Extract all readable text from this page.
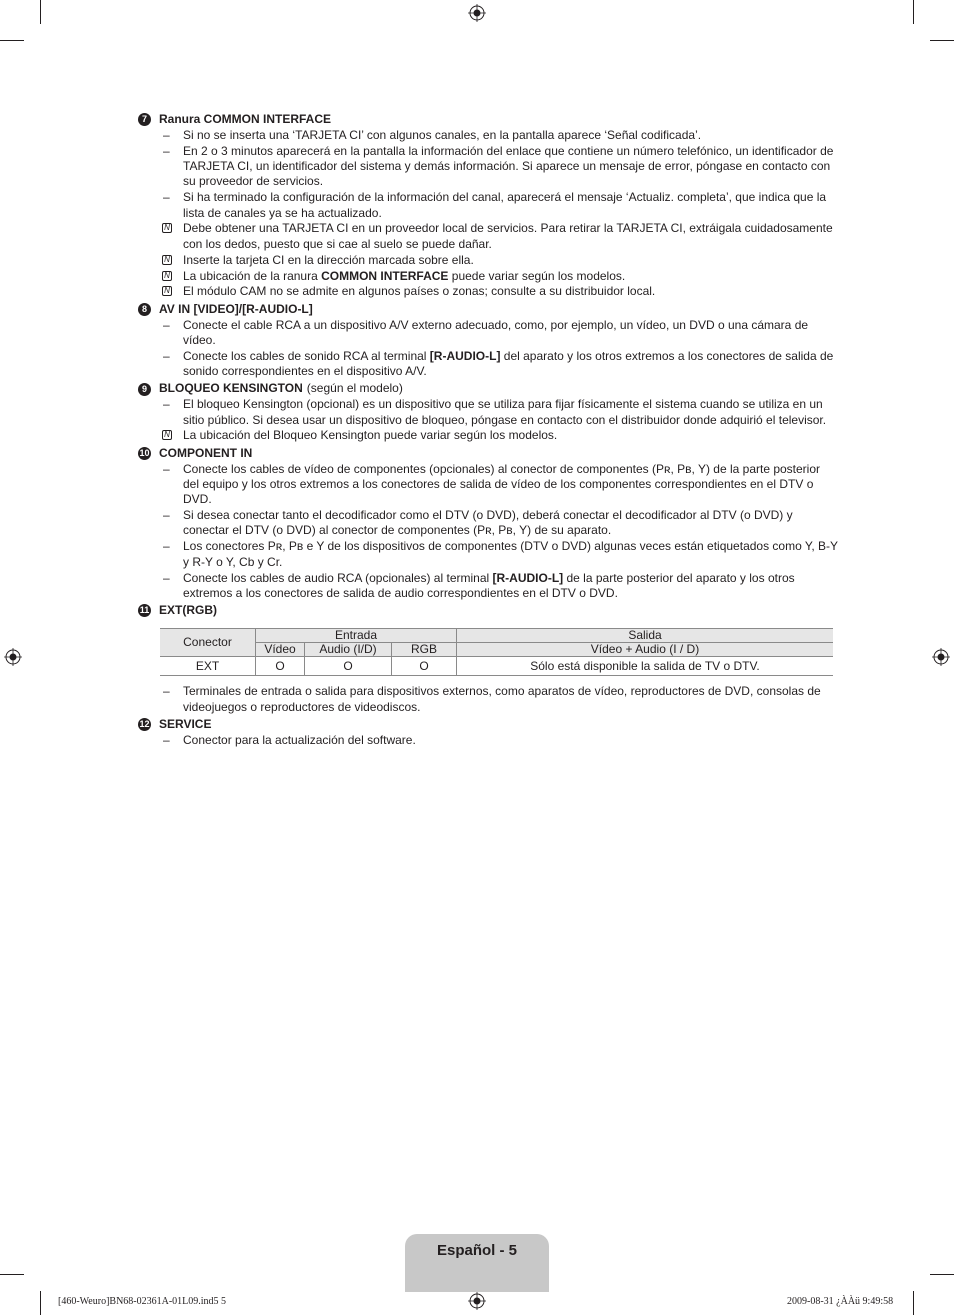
7	Ranura COMMON INTERFACE
– Si no se inserta una ‘TARJETA CI’ con algunos canales, en la pantalla aparece ‘Señal codificada’.
– En 2 o 3 minutos aparecerá en la pantalla la información del enlace que contiene un número telefónico, un identificador de TARJETA CI, un identificador del sistema y demás información. Si aparece un mensaje de error, póngase en contacto con su proveedor de servicios.
– Si ha terminado la configuración de la información del canal, aparecerá el mensaje ‘Actualiz. completa’, que indica que la lista de canales ya se ha actualizado.
N Debe obtener una TARJETA CI en un proveedor local de servicios. Para retirar la TARJETA CI, extráigala cuidadosamente con los dedos, puesto que si cae al suelo se puede dañar.
N Inserte la tarjeta CI en la dirección marcada sobre ella.
N La ubicación de la ranura COMMON INTERFACE puede variar según los modelos.
N El módulo CAM no se admite en algunos países o zonas; consulte a su distribuidor local.
8	AV IN [VIDEO]/[R-AUDIO-L]
– Conecte el cable RCA a un dispositivo A/V externo adecuado, como, por ejemplo, un vídeo, un DVD o una cámara de vídeo.
– Conecte los cables de sonido RCA al terminal [R-AUDIO-L] del aparato y los otros extremos a los conectores de salida de sonido correspondientes en el dispositivo A/V.
9	BLOQUEO KENSINGTON (según el modelo)
– El bloqueo Kensington (opcional) es un dispositivo que se utiliza para fijar físicamente el sistema cuando se utiliza en un sitio público. Si desea usar un dispositivo de bloqueo, póngase en contacto con el distribuidor donde adquirió el televisor.
N La ubicación del Bloqueo Kensington puede variar según los modelos.
10 COMPONENT IN
– Conecte los cables de vídeo de componentes (opcionales) al conector de componentes (Pʀ, Pʙ, Y) de la parte posterior del equipo y los otros extremos a los conectores de salida de vídeo de los componentes correspondientes en el DTV o DVD.
– Si desea conectar tanto el decodificador como el DTV (o DVD), deberá conectar el decodificador al DTV (o DVD) y conectar el DTV (o DVD) al conector de componentes (Pʀ, Pʙ, Y) de su aparato.
– Los conectores Pʀ, Pʙ e Y de los dispositivos de componentes (DTV o DVD) algunas veces están etiquetados como Y, B-Y y R-Y o Y, Cb y Cr.
– Conecte los cables de audio RCA (opcionales) al terminal [R-AUDIO-L] de la parte posterior del aparato y los otros extremos a los conectores de salida de audio correspondientes en el DTV o DVD.
11 EXT(RGB)
Conector	Entrada			Salida
	Vídeo	Audio (I/D)	RGB	Vídeo + Audio (I / D)
EXT	O	O	O	Sólo está disponible la salida de TV o DTV.
– Terminales de entrada o salida para dispositivos externos, como aparatos de vídeo, reproductores de DVD, consolas de videojuegos o reproductores de videodiscos.
12 SERVICE
– Conector para la actualización del software.
Español - 5
[460-Weuro]BN68-02361A-01L09.ind5 5	2009-08-31 ¿ÀÀü 9:49:58
